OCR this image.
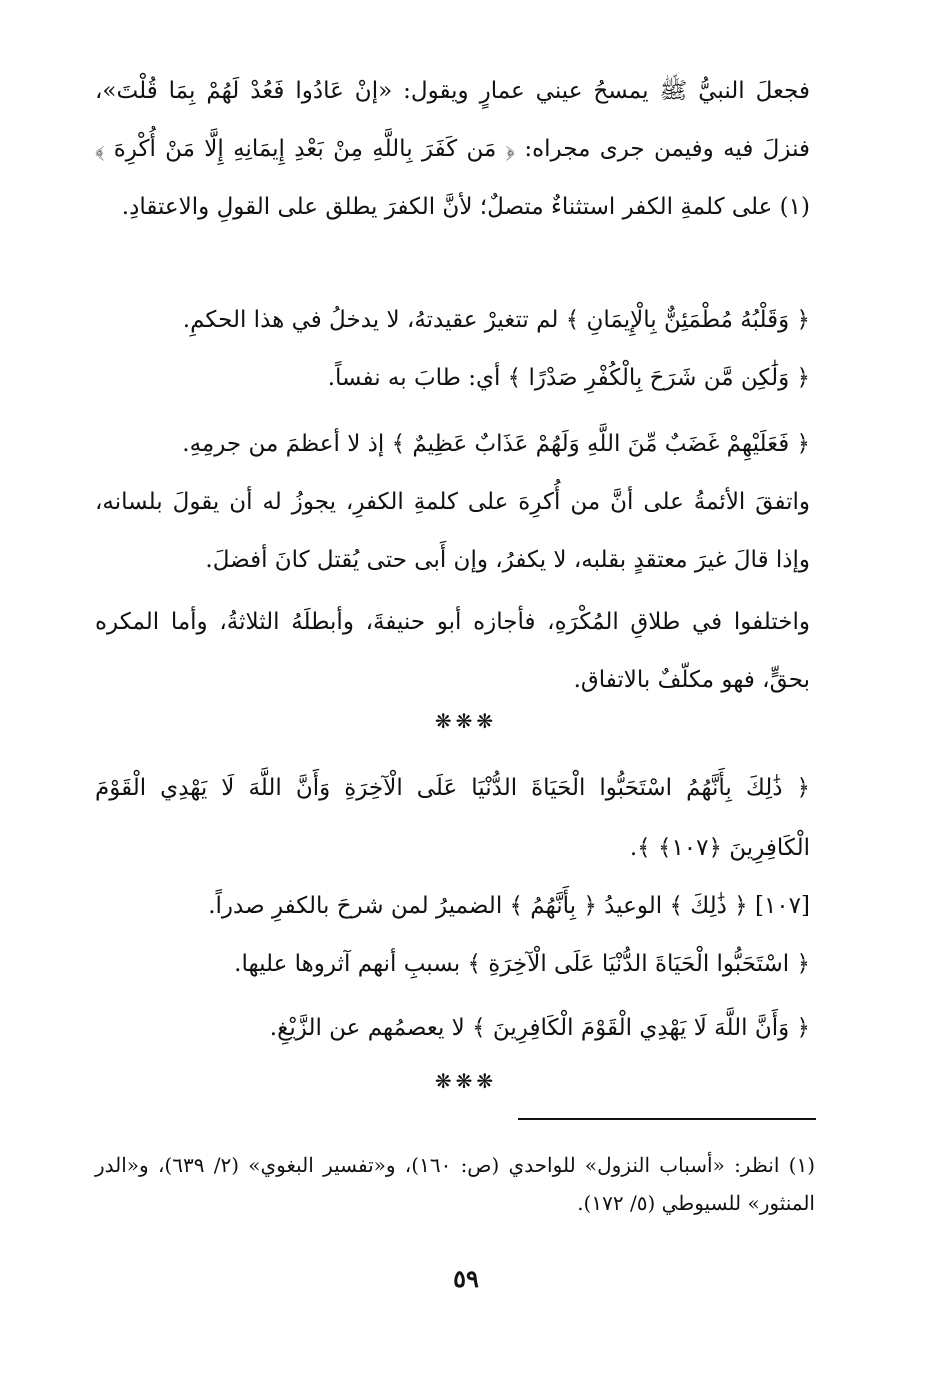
فجعلَ النبيُّ ﷺ يمسحُ عيني عمارٍ ويقول: «إنْ عَادُوا فَعُدْ لَهُمْ بِمَا قُلْتَ»، فنزلَ فيه وفيمن جرى مجراه: ﴿ مَن كَفَرَ بِاللَّهِ مِنْ بَعْدِ إِيمَانِهِ إِلَّا مَنْ أُكْرِهَ ﴾(١) على كلمةِ الكفر استثناءٌ متصلٌ؛ لأنَّ الكفرَ يطلق على القولِ والاعتقادِ.

﴿ وَقَلْبُهُ مُطْمَئِنٌّ بِالْإِيمَانِ ﴾ لم تتغيرْ عقيدتهُ، لا يدخلُ في هذا الحكمِ.

﴿ وَلَٰكِن مَّن شَرَحَ بِالْكُفْرِ صَدْرًا ﴾ أي: طابَ به نفساً.

﴿ فَعَلَيْهِمْ غَضَبٌ مِّنَ اللَّهِ وَلَهُمْ عَذَابٌ عَظِيمٌ ﴾ إذ لا أعظمَ من جرمِهِ.

واتفقَ الأئمةُ على أنَّ من أُكرِهَ على كلمةِ الكفرِ، يجوزُ له أن يقولَ بلسانه، وإذا قالَ غيرَ معتقدٍ بقلبه، لا يكفرُ، وإن أَبى حتى يُقتل كانَ أفضلَ.

واختلفوا في طلاقِ المُكْرَهِ، فأجازه أبو حنيفةَ، وأبطلَهُ الثلاثةُ، وأما المكره بحقٍّ، فهو مكلّفٌ بالاتفاق.

❋❋❋

﴿ ذَٰلِكَ بِأَنَّهُمُ اسْتَحَبُّوا الْحَيَاةَ الدُّنْيَا عَلَى الْآخِرَةِ وَأَنَّ اللَّهَ لَا يَهْدِي الْقَوْمَ الْكَافِرِينَ ﴿١٠٧﴾ ﴾.

[١٠٧] ﴿ ذَٰلِكَ ﴾ الوعيدُ ﴿ بِأَنَّهُمُ ﴾ الضميرُ لمن شرحَ بالكفرِ صدراً.

﴿ اسْتَحَبُّوا الْحَيَاةَ الدُّنْيَا عَلَى الْآخِرَةِ ﴾ بسببِ أنهم آثروها عليها.

﴿ وَأَنَّ اللَّهَ لَا يَهْدِي الْقَوْمَ الْكَافِرِينَ ﴾ لا يعصمُهم عن الزَّيْغِ.

❋❋❋

(١) انظر: «أسباب النزول» للواحدي (ص: ١٦٠)، و«تفسير البغوي» (٢/ ٦٣٩)، و«الدر المنثور» للسيوطي (٥/ ١٧٢).

٥٩
